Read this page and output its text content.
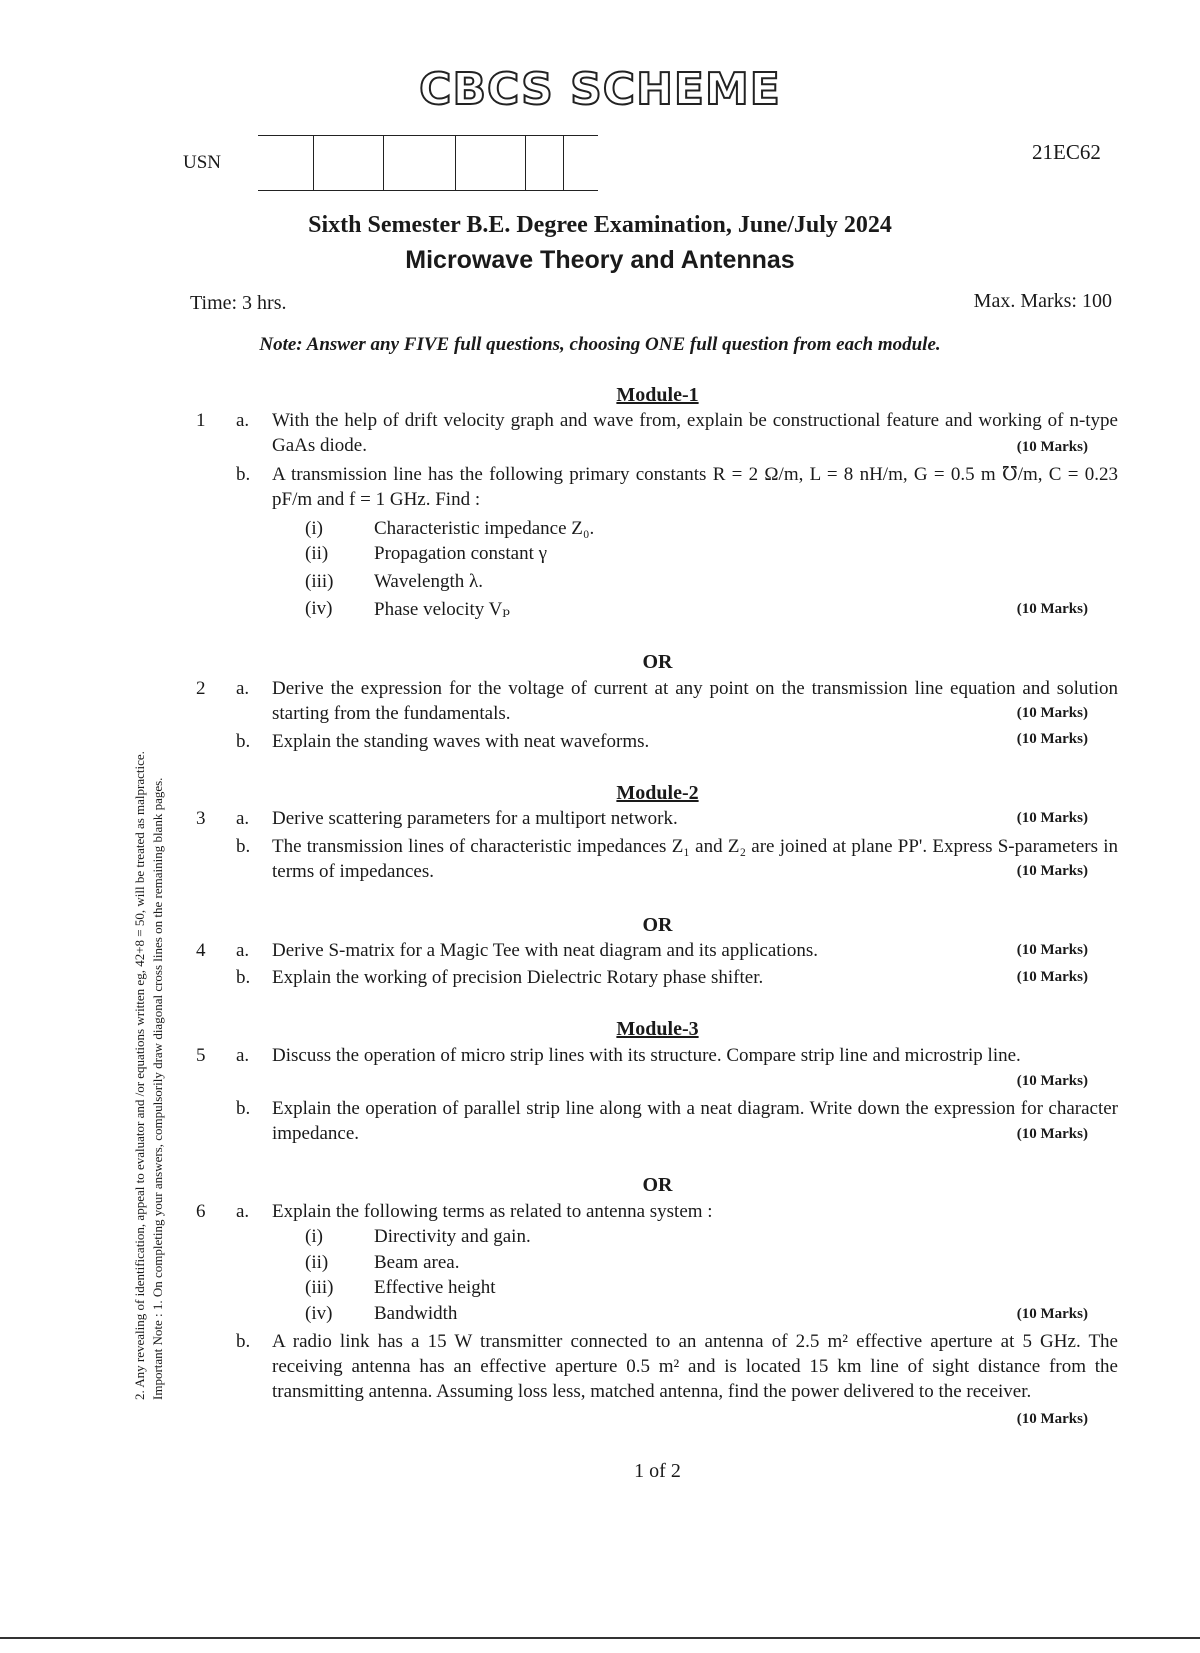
CBCS SCHEME
USN	21EC62
Sixth Semester B.E. Degree Examination, June/July 2024
Microwave Theory and Antennas
Time: 3 hrs.	Max. Marks: 100
Note: Answer any FIVE full questions, choosing ONE full question from each module.
Important Note : 1. On completing your answers, compulsorily draw diagonal cross lines on the remaining blank pages.
2. Any revealing of identification, appeal to evaluator and /or equations written eg, 42+8 = 50, will be treated as malpractice.
Module-1
1 a. With the help of drift velocity graph and wave from, explain be constructional feature and working of n-type GaAs diode.	(10 Marks)
b. A transmission line has the following primary constants R = 2 Ω/m, L = 8 nH/m, G = 0.5 m ℧/m, C = 0.23 pF/m and f = 1 GHz. Find :
(i)	Characteristic impedance Z₀.
(ii) Propagation constant γ
(iii) Wavelength λ.
(iv) Phase velocity Vₚ	(10 Marks)
OR
2 a. Derive the expression for the voltage of current at any point on the transmission line equation and solution starting from the fundamentals.	(10 Marks)
b. Explain the standing waves with neat waveforms.	(10 Marks)
Module-2
3 a. Derive scattering parameters for a multiport network.	(10 Marks)
b. The transmission lines of characteristic impedances Z₁ and Z₂ are joined at plane PP'. Express S-parameters in terms of impedances.	(10 Marks)
OR
4 a. Derive S-matrix for a Magic Tee with neat diagram and its applications.	(10 Marks)
b. Explain the working of precision Dielectric Rotary phase shifter.	(10 Marks)
Module-3
5 a. Discuss the operation of micro strip lines with its structure. Compare strip line and microstrip line.
(10 Marks)
b. Explain the operation of parallel strip line along with a neat diagram. Write down the expression for character impedance.	(10 Marks)
OR
6 a. Explain the following terms as related to antenna system :
(i)	Directivity and gain.
(ii) Beam area.
(iii) Effective height
(iv) Bandwidth	(10 Marks)
b. A radio link has a 15 W transmitter connected to an antenna of 2.5 m² effective aperture at 5 GHz. The receiving antenna has an effective aperture 0.5 m² and is located 15 km line of sight distance from the transmitting antenna. Assuming loss less, matched antenna, find the power delivered to the receiver.
(10 Marks)
1 of 2
